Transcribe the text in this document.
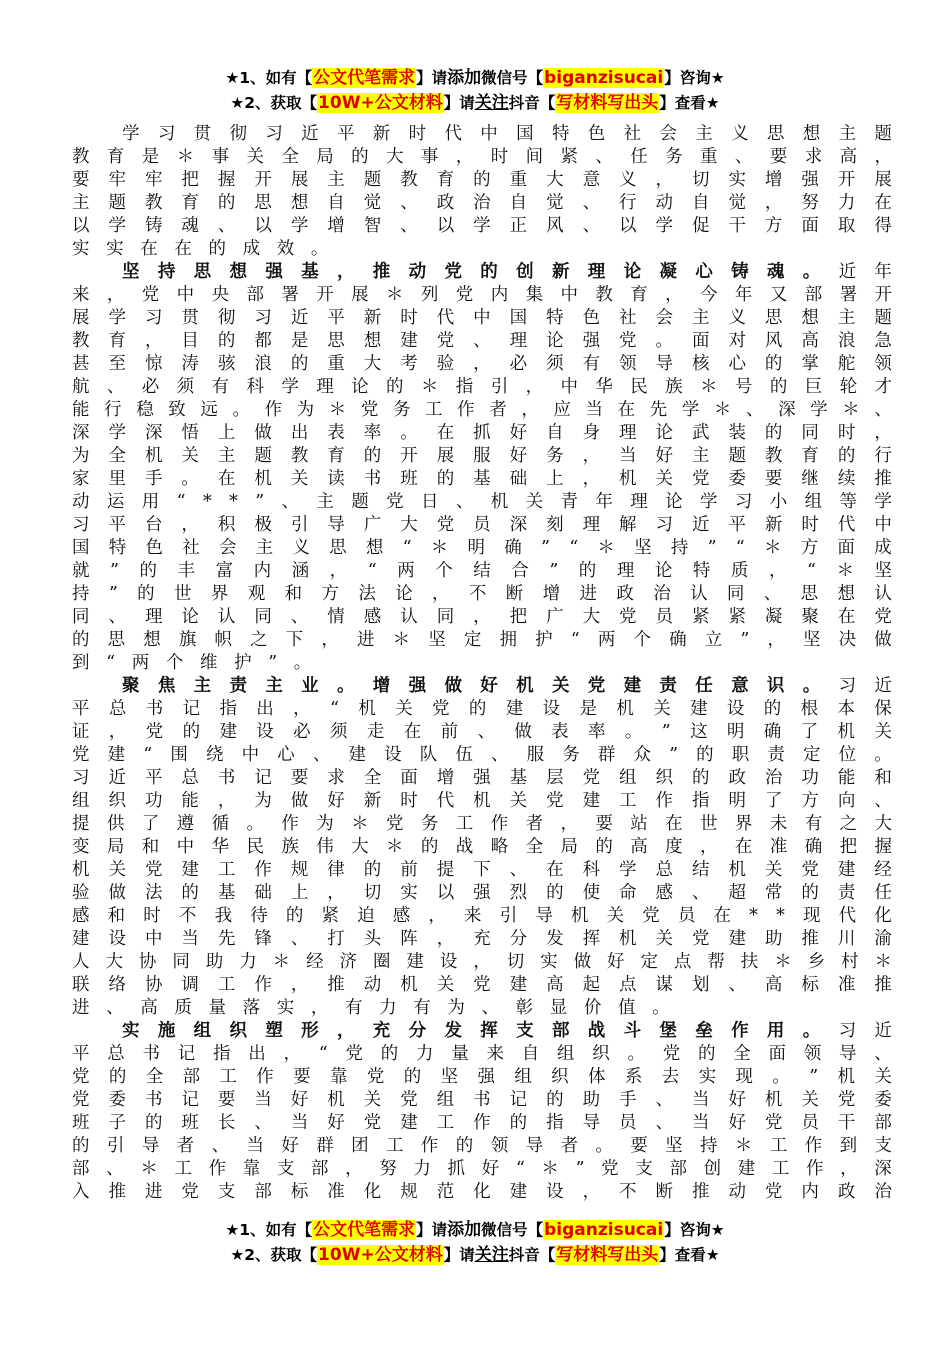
★1、如有【公文代笔需求】请添加微信号【biganzisucai】咨询★
★2、获取【10W+公文材料】请关注抖音【写材料写出头】查看★
学 习 贯 彻 习 近 平 新 时 代 中 国 特 色 社 会 主 义 思 想 主 题
教 育 是 ＊ 事 关 全 局 的 大 事 ， 时 间 紧 、 任 务 重 、 要 求 高 ，
要 牢 牢 把 握 开 展 主 题 教 育 的 重 大 意 义 ， 切 实 增 强 开 展
主 题 教 育 的 思 想 自 觉 、 政 治 自 觉 、 行 动 自 觉 ， 努 力 在
以 学 铸 魂 、 以 学 增 智 、 以 学 正 风 、 以 学 促 干 方 面 取 得
实实在在的成效。
坚 持 思 想 强 基 ， 推 动 党 的 创 新 理 论 凝 心 铸 魂 。 近 年
来 ， 党 中 央 部 署 开 展 ＊ 列 党 内 集 中 教 育 ， 今 年 又 部 署 开
展 学 习 贯 彻 习 近 平 新 时 代 中 国 特 色 社 会 主 义 思 想 主 题
教 育 ， 目 的 都 是 思 想 建 党 、 理 论 强 党 。 面 对 风 高 浪 急
甚 至 惊 涛 骇 浪 的 重 大 考 验 ， 必 须 有 领 导 核 心 的 掌 舵 领
航 、 必 须 有 科 学 理 论 的 ＊ 指 引 ， 中 华 民 族 ＊ 号 的 巨 轮 才
能 行 稳 致 远 。 作 为 ＊ 党 务 工 作 者 ， 应 当 在 先 学 ＊ 、 深 学 ＊ 、
深 学 深 悟 上 做 出 表 率 。 在 抓 好 自 身 理 论 武 装 的 同 时 ，
为 全 机 关 主 题 教 育 的 开 展 服 好 务 ， 当 好 主 题 教 育 的 行
家 里 手 。 在 机 关 读 书 班 的 基 础 上 ， 机 关 党 委 要 继 续 推
动 运 用 “ * * ” 、 主 题 党 日 、 机 关 青 年 理 论 学 习 小 组 等 学
习 平 台 ， 积 极 引 导 广 大 党 员 深 刻 理 解 习 近 平 新 时 代 中
国 特 色 社 会 主 义 思 想 “ ＊ 明 确 ” “ ＊ 坚 持 ” “ ＊ 方 面 成
就 ” 的 丰 富 内 涵 ， “ 两 个 结 合 ” 的 理 论 特 质 ， “ ＊ 坚
持 ” 的 世 界 观 和 方 法 论 ， 不 断 增 进 政 治 认 同 、 思 想 认
同 、 理 论 认 同 、 情 感 认 同 ， 把 广 大 党 员 紧 紧 凝 聚 在 党
的 思 想 旗 帜 之 下 ， 进 ＊ 坚 定 拥 护 “ 两 个 确 立 ” ， 坚 决 做
到“两个维护”。
聚 焦 主 责 主 业 。 增 强 做 好 机 关 党 建 责 任 意 识 。 习 近
平 总 书 记 指 出 ， “ 机 关 党 的 建 设 是 机 关 建 设 的 根 本 保
证 ， 党 的 建 设 必 须 走 在 前 、 做 表 率 。 ” 这 明 确 了 机 关
党 建 “ 围 绕 中 心 、 建 设 队 伍 、 服 务 群 众 ” 的 职 责 定 位 。
习 近 平 总 书 记 要 求 全 面 增 强 基 层 党 组 织 的 政 治 功 能 和
组 织 功 能 ， 为 做 好 新 时 代 机 关 党 建 工 作 指 明 了 方 向 、
提 供 了 遵 循 。 作 为 ＊ 党 务 工 作 者 ， 要 站 在 世 界 未 有 之 大
变 局 和 中 华 民 族 伟 大 ＊ 的 战 略 全 局 的 高 度 ， 在 准 确 把 握
机 关 党 建 工 作 规 律 的 前 提 下 、 在 科 学 总 结 机 关 党 建 经
验 做 法 的 基 础 上 ， 切 实 以 强 烈 的 使 命 感 、 超 常 的 责 任
感 和 时 不 我 待 的 紧 迫 感 ， 来 引 导 机 关 党 员 在 * * 现 代 化
建 设 中 当 先 锋 、 打 头 阵 ， 充 分 发 挥 机 关 党 建 助 推 川 渝
人 大 协 同 助 力 ＊ 经 济 圈 建 设 ， 切 实 做 好 定 点 帮 扶 ＊ 乡 村 ＊
联 络 协 调 工 作 ， 推 动 机 关 党 建 高 起 点 谋 划 、 高 标 准 推
进、高质量落实，有力有为、彰显价值。
实 施 组 织 塑 形 ， 充 分 发 挥 支 部 战 斗 堡 垒 作 用 。 习 近
平 总 书 记 指 出 ， “ 党 的 力 量 来 自 组 织 。 党 的 全 面 领 导 、
党 的 全 部 工 作 要 靠 党 的 坚 强 组 织 体 系 去 实 现 。 ” 机 关
党 委 书 记 要 当 好 机 关 党 组 书 记 的 助 手 、 当 好 机 关 党 委
班 子 的 班 长 、 当 好 党 建 工 作 的 指 导 员 、 当 好 党 员 干 部
的 引 导 者 、 当 好 群 团 工 作 的 领 导 者 。 要 坚 持 ＊ 工 作 到 支
部 、 ＊ 工 作 靠 支 部 ， 努 力 抓 好 “ ＊ ” 党 支 部 创 建 工 作 ， 深
入 推 进 党 支 部 标 准 化 规 范 化 建 设 ， 不 断 推 动 党 内 政 治
★1、如有【公文代笔需求】请添加微信号【biganzisucai】咨询★
★2、获取【10W+公文材料】请关注抖音【写材料写出头】查看★
